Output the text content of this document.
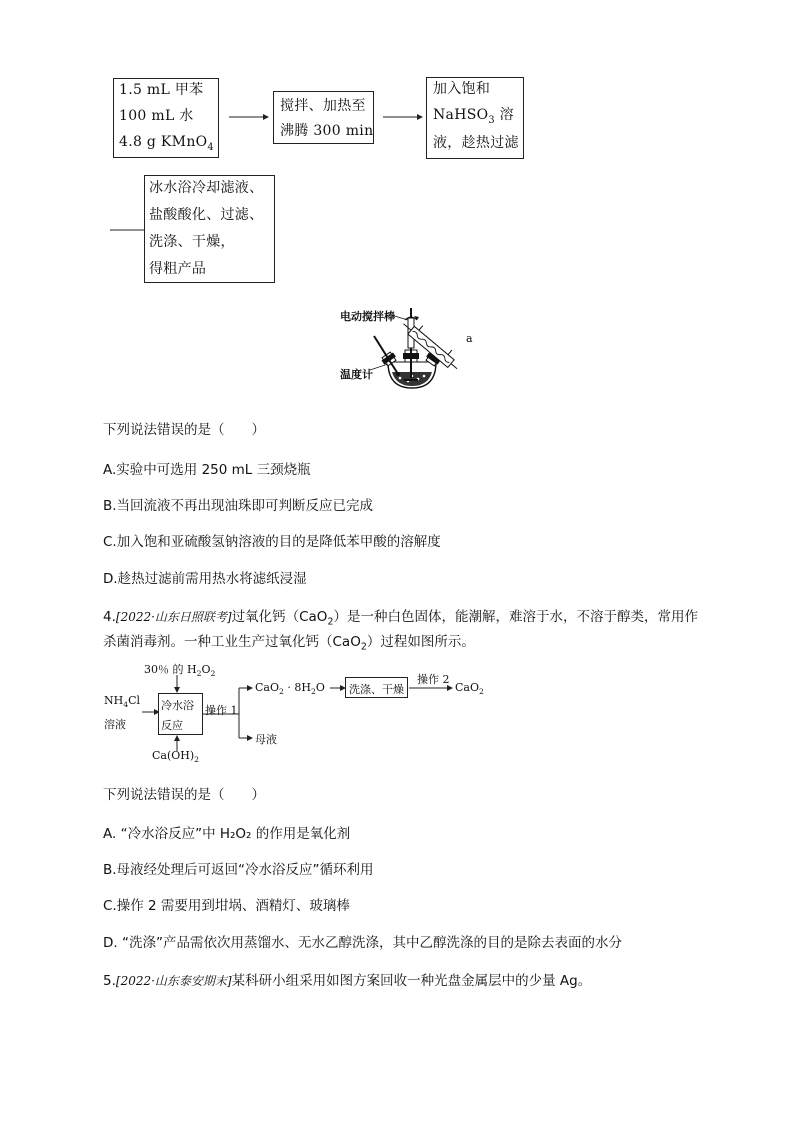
1.5 mL 甲苯
100 mL 水
4.8 g KMnO$_4$
搅拌、加热至
沸腾 300 min
加入饱和
NaHSO$_3$ 溶
液，趁热过滤
冰水浴冷却滤液、
盐酸酸化、过滤、
洗涤、干燥，
得粗产品
电动搅拌棒
温度计
a
下列说法错误的是（　　）
A.实验中可选用 250 mL 三颈烧瓶
B.当回流液不再出现油珠即可判断反应已完成
C.加入饱和亚硫酸氢钠溶液的目的是降低苯甲酸的溶解度
D.趁热过滤前需用热水将滤纸浸湿
4.[2022·山东日照联考]过氧化钙（CaO$_2$）是一种白色固体，能潮解，难溶于水，不溶于醇类，常用作
杀菌消毒剂。一种工业生产过氧化钙（CaO$_2$）过程如图所示。
30％ 的 $H_2O_2$
$NH_4Cl$
溶液
冷水浴
反应
$Ca(OH)_2$
操作 1
$CaO_2 \cdot 8H_2O$
母液
洗涤、干燥
操作 2
CaO$_2$
下列说法错误的是（　　）
A. “冷水浴反应”中 H₂O₂ 的作用是氧化剂
B.母液经处理后可返回“冷水浴反应”循环利用
C.操作 2 需要用到坩埚、酒精灯、玻璃棒
D. “洗涤”产品需依次用蒸馏水、无水乙醇洗涤，其中乙醇洗涤的目的是除去表面的水分
5.[2022·山东泰安期末]某科研小组采用如图方案回收一种光盘金属层中的少量 Ag。
